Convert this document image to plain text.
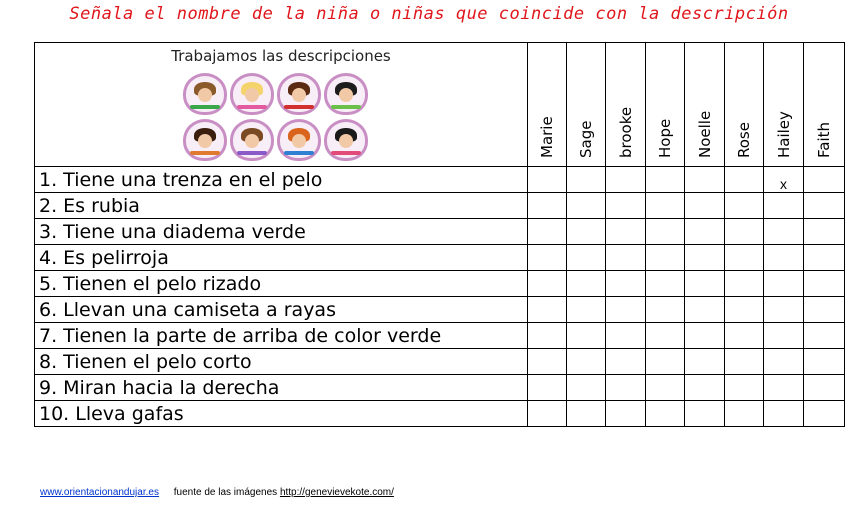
Señala el nombre de la niña o niñas que coincide con la descripción
Trabajamos las descripciones	Marie	Sage	brooke	Hope	Noelle	Rose	Hailey	Faith

1. Tiene una trenza en el pelo							x	
2. Es rubia								
3. Tiene una diadema verde								
4. Es pelirroja								
5. Tienen el pelo rizado								
6. Llevan una camiseta a rayas								
7. Tienen la parte de arriba de color verde								
8. Tienen el pelo corto								
9. Miran hacia la derecha								
10. Lleva gafas								
www.orientacionandujar.es fuente de las imágenes http://genevievekote.com/
